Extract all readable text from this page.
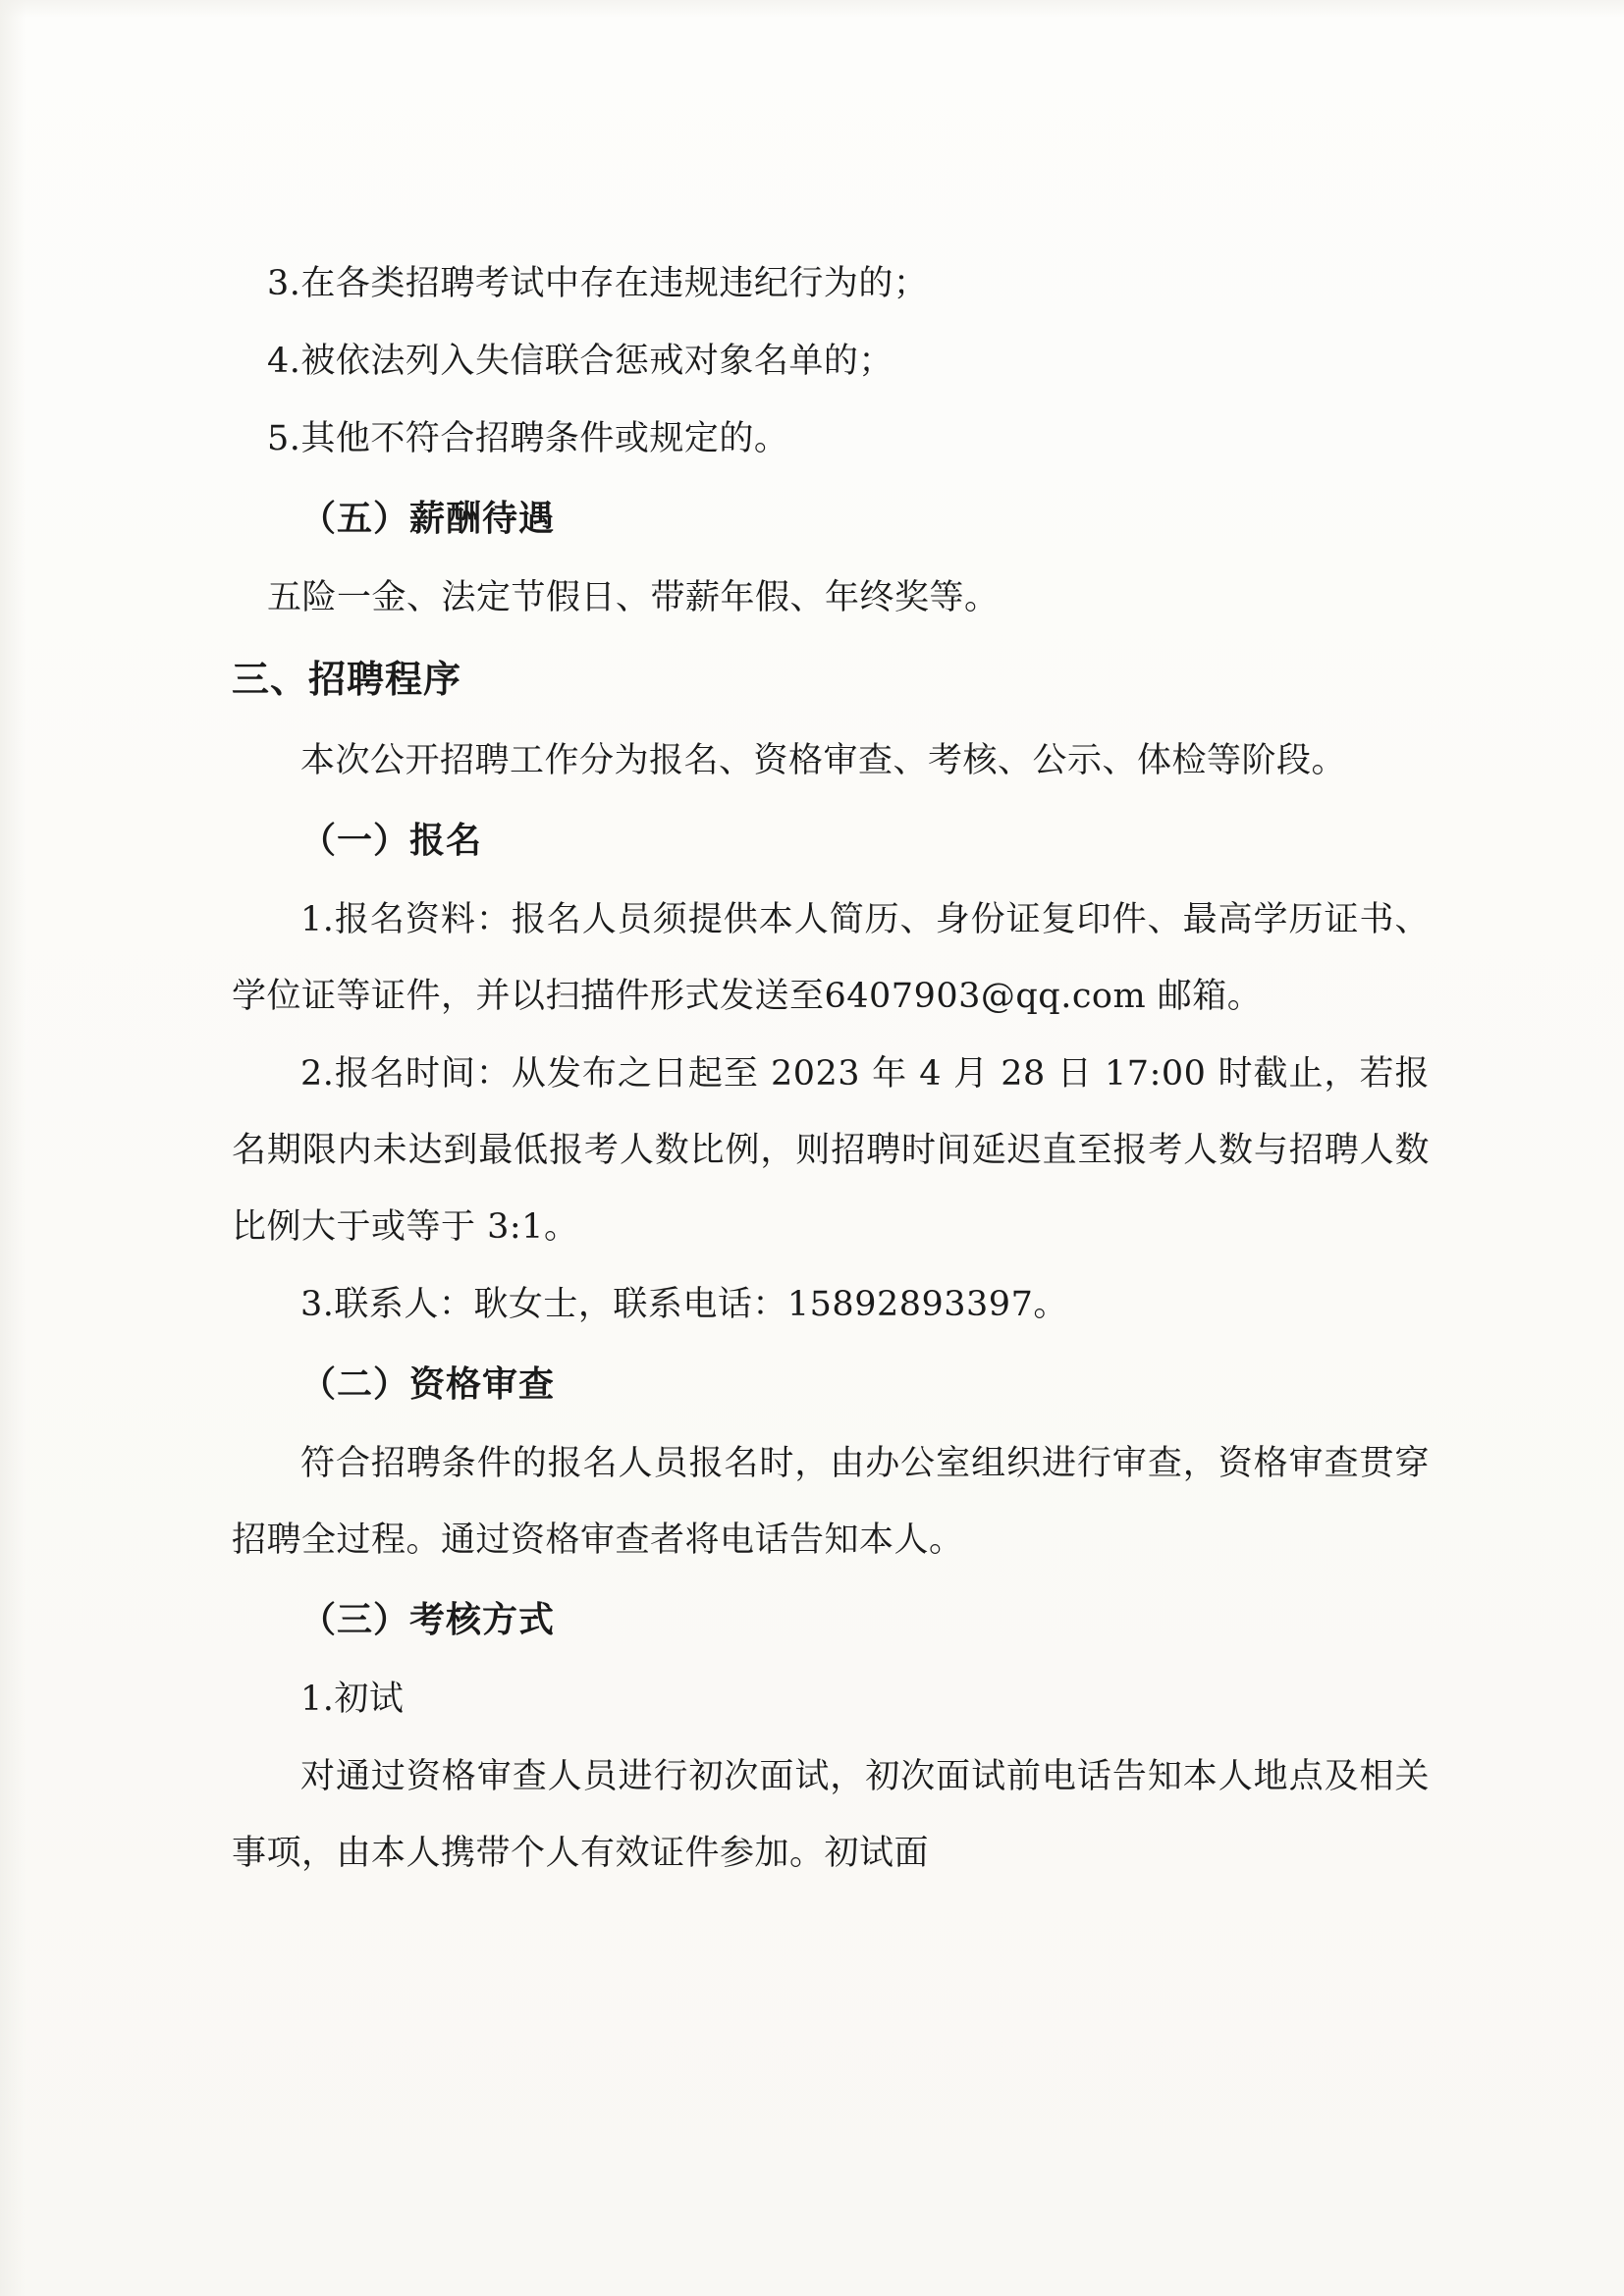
3.在各类招聘考试中存在违规违纪行为的；

4.被依法列入失信联合惩戒对象名单的；

5.其他不符合招聘条件或规定的。

（五）薪酬待遇

五险一金、法定节假日、带薪年假、年终奖等。

三、招聘程序

本次公开招聘工作分为报名、资格审查、考核、公示、体检等阶段。

（一）报名

1.报名资料：报名人员须提供本人简历、身份证复印件、最高学历证书、学位证等证件，并以扫描件形式发送至6407903@qq.com 邮箱。

2.报名时间：从发布之日起至 2023 年 4 月 28 日 17:00 时截止，若报名期限内未达到最低报考人数比例，则招聘时间延迟直至报考人数与招聘人数比例大于或等于 3:1。

3.联系人：耿女士，联系电话：15892893397。

（二）资格审查

符合招聘条件的报名人员报名时，由办公室组织进行审查，资格审查贯穿招聘全过程。通过资格审查者将电话告知本人。

（三）考核方式

1.初试

对通过资格审查人员进行初次面试，初次面试前电话告知本人地点及相关事项，由本人携带个人有效证件参加。初试面
